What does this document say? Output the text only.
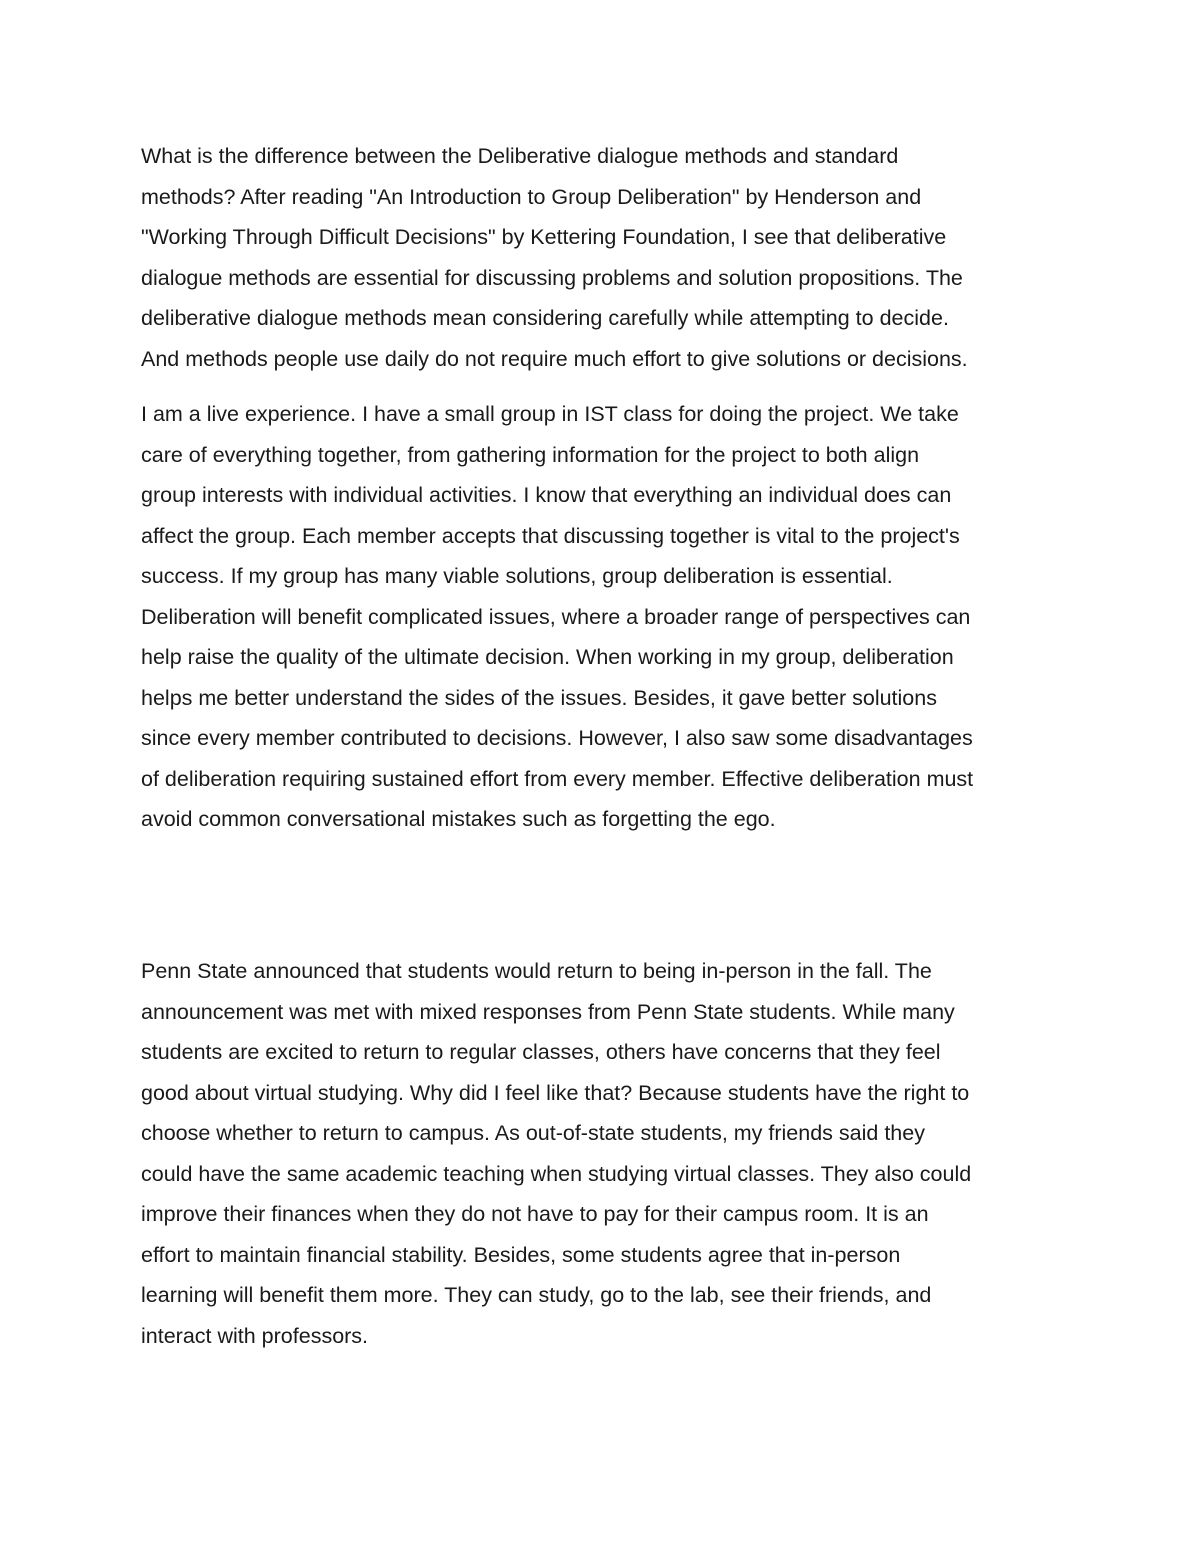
What is the difference between the Deliberative dialogue methods and standard
methods? After reading "An Introduction to Group Deliberation" by Henderson and
"Working Through Difficult Decisions" by Kettering Foundation, I see that deliberative
dialogue methods are essential for discussing problems and solution propositions. The
deliberative dialogue methods mean considering carefully while attempting to decide.
And methods people use daily do not require much effort to give solutions or decisions.
I am a live experience. I have a small group in IST class for doing the project. We take
care of everything together, from gathering information for the project to both align
group interests with individual activities. I know that everything an individual does can
affect the group. Each member accepts that discussing together is vital to the project's
success. If my group has many viable solutions, group deliberation is essential.
Deliberation will benefit complicated issues, where a broader range of perspectives can
help raise the quality of the ultimate decision. When working in my group, deliberation
helps me better understand the sides of the issues. Besides, it gave better solutions
since every member contributed to decisions. However, I also saw some disadvantages
of deliberation requiring sustained effort from every member. Effective deliberation must
avoid common conversational mistakes such as forgetting the ego.
Penn State announced that students would return to being in-person in the fall. The
announcement was met with mixed responses from Penn State students. While many
students are excited to return to regular classes, others have concerns that they feel
good about virtual studying. Why did I feel like that? Because students have the right to
choose whether to return to campus. As out-of-state students, my friends said they
could have the same academic teaching when studying virtual classes. They also could
improve their finances when they do not have to pay for their campus room. It is an
effort to maintain financial stability. Besides, some students agree that in-person
learning will benefit them more. They can study, go to the lab, see their friends, and
interact with professors.
